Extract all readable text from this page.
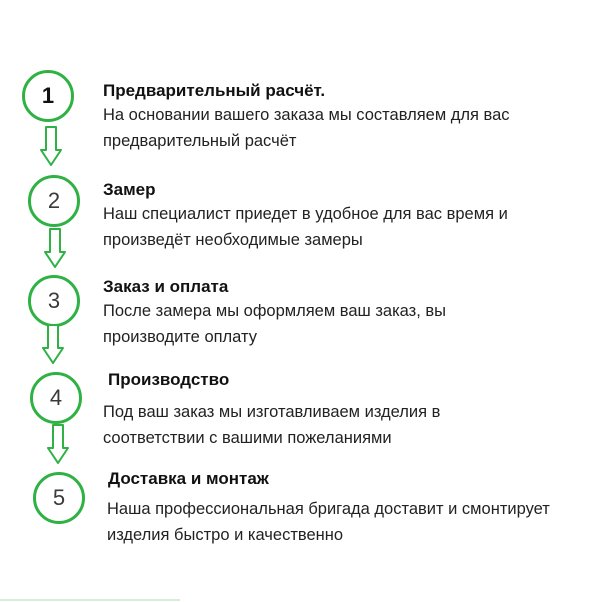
1	Предварительный расчёт.
На основании вашего заказа мы составляем для вас предварительный расчёт
2	Замер
Наш специалист приедет в удобное для вас время и произведёт необходимые замеры
3
Заказ и оплата
После замера мы оформляем ваш заказ, вы производите оплату
4
Производство
Под ваш заказ мы изготавливаем изделия в соответствии с вашими пожеланиями
5
Доставка и монтаж
Наша профессиональная бригада доставит и смонтирует изделия быстро и качественно
